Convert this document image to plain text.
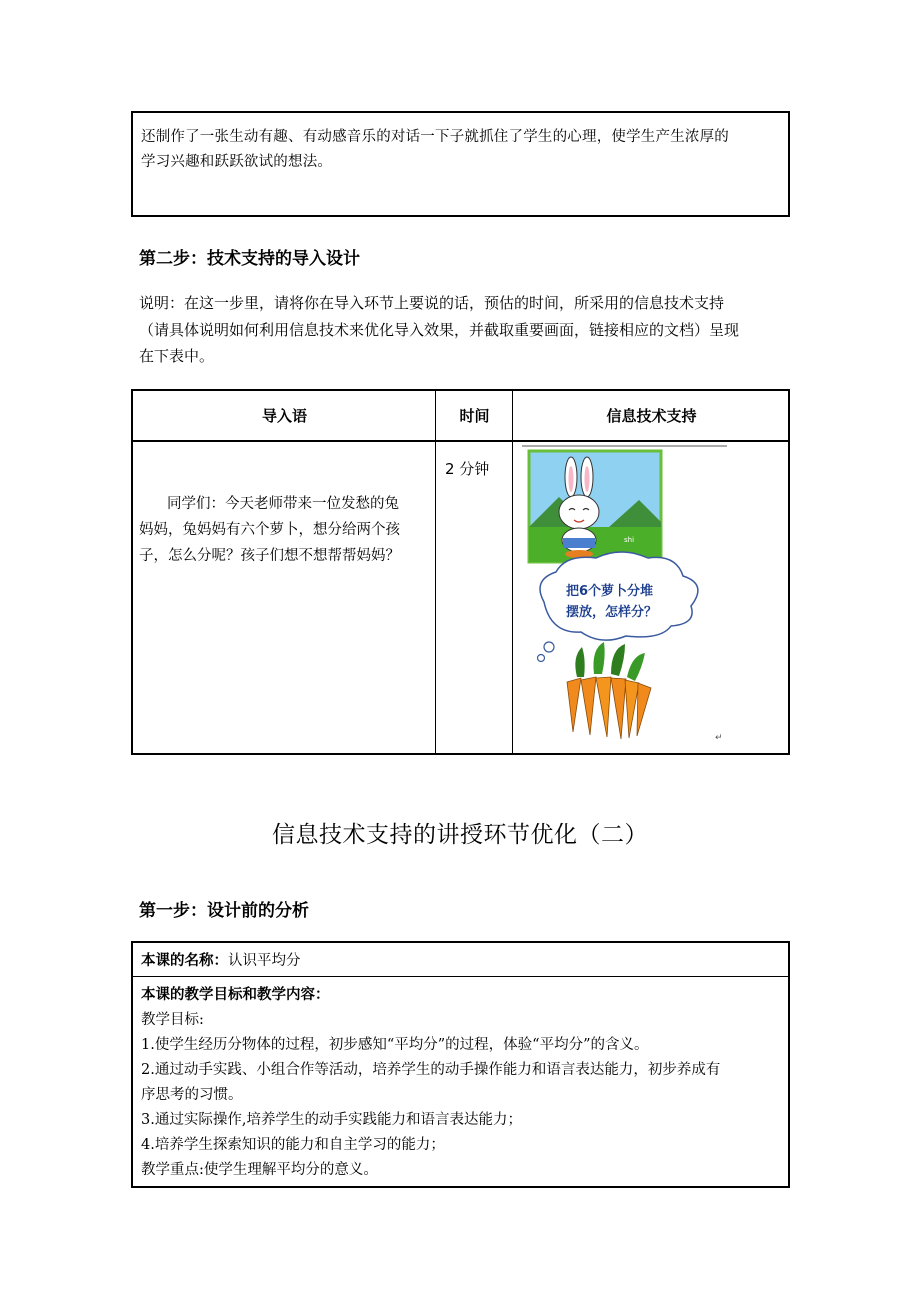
还制作了一张生动有趣、有动感音乐的对话一下子就抓住了学生的心理，使学生产生浓厚的

学习兴趣和跃跃欲试的想法。

第二步：技术支持的导入设计

说明：在这一步里，请将你在导入环节上要说的话，预估的时间，所采用的信息技术支持

（请具体说明如何利用信息技术来优化导入效果，并截取重要画面，链接相应的文档）呈现

在下表中。

导入语	时间	信息技术支持

同学们：今天老师带来一位发愁的兔

妈妈，兔妈妈有六个萝卜，想分给两个孩

子，怎么分呢？孩子们想不想帮帮妈妈？

2 分钟
shi
把6个萝卜分堆
摆放，怎样分？
↵
信息技术支持的讲授环节优化（二）
第一步：设计前的分析
本课的名称：认识平均分

本课的教学目标和教学内容：

教学目标:

1.使学生经历分物体的过程，初步感知“平均分”的过程，体验“平均分”的含义。

2.通过动手实践、小组合作等活动，培养学生的动手操作能力和语言表达能力，初步养成有

序思考的习惯。

3.通过实际操作,培养学生的动手实践能力和语言表达能力；

4.培养学生探索知识的能力和自主学习的能力；

教学重点:使学生理解平均分的意义。
